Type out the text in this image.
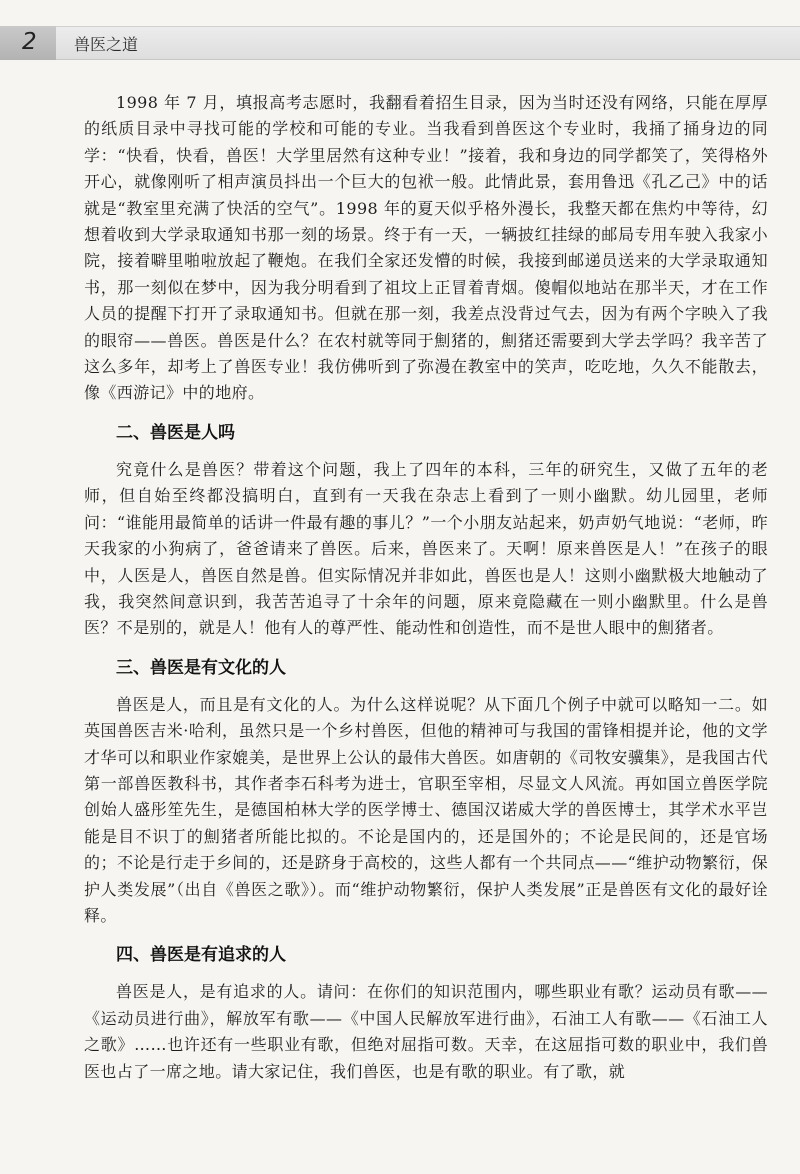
2 兽医之道

1998 年 7 月，填报高考志愿时，我翻看着招生目录，因为当时还没有网络，只能在厚厚的纸质目录中寻找可能的学校和可能的专业。当我看到兽医这个专业时，我捅了捅身边的同学：“快看，快看，兽医！大学里居然有这种专业！”接着，我和身边的同学都笑了，笑得格外开心，就像刚听了相声演员抖出一个巨大的包袱一般。此情此景，套用鲁迅《孔乙己》中的话就是“教室里充满了快活的空气”。1998 年的夏天似乎格外漫长，我整天都在焦灼中等待，幻想着收到大学录取通知书那一刻的场景。终于有一天，一辆披红挂绿的邮局专用车驶入我家小院，接着噼里啪啦放起了鞭炮。在我们全家还发懵的时候，我接到邮递员送来的大学录取通知书，那一刻似在梦中，因为我分明看到了祖坟上正冒着青烟。傻帽似地站在那半天，才在工作人员的提醒下打开了录取通知书。但就在那一刻，我差点没背过气去，因为有两个字映入了我的眼帘——兽医。兽医是什么？在农村就等同于劁猪的，劁猪还需要到大学去学吗？我辛苦了这么多年，却考上了兽医专业！我仿佛听到了弥漫在教室中的笑声，吃吃地，久久不能散去，像《西游记》中的地府。

二、兽医是人吗

究竟什么是兽医？带着这个问题，我上了四年的本科，三年的研究生，又做了五年的老师，但自始至终都没搞明白，直到有一天我在杂志上看到了一则小幽默。幼儿园里，老师问：“谁能用最简单的话讲一件最有趣的事儿？”一个小朋友站起来，奶声奶气地说：“老师，昨天我家的小狗病了，爸爸请来了兽医。后来，兽医来了。天啊！原来兽医是人！”在孩子的眼中，人医是人，兽医自然是兽。但实际情况并非如此，兽医也是人！这则小幽默极大地触动了我，我突然间意识到，我苦苦追寻了十余年的问题，原来竟隐藏在一则小幽默里。什么是兽医？不是别的，就是人！他有人的尊严性、能动性和创造性，而不是世人眼中的劁猪者。

三、兽医是有文化的人

兽医是人，而且是有文化的人。为什么这样说呢？从下面几个例子中就可以略知一二。如英国兽医吉米·哈利，虽然只是一个乡村兽医，但他的精神可与我国的雷锋相提并论，他的文学才华可以和职业作家媲美，是世界上公认的最伟大兽医。如唐朝的《司牧安骥集》，是我国古代第一部兽医教科书，其作者李石科考为进士，官职至宰相，尽显文人风流。再如国立兽医学院创始人盛彤笙先生，是德国柏林大学的医学博士、德国汉诺威大学的兽医博士，其学术水平岂能是目不识丁的劁猪者所能比拟的。不论是国内的，还是国外的；不论是民间的，还是官场的；不论是行走于乡间的，还是跻身于高校的，这些人都有一个共同点——“维护动物繁衍，保护人类发展”（出自《兽医之歌》）。而“维护动物繁衍，保护人类发展”正是兽医有文化的最好诠释。

四、兽医是有追求的人

兽医是人，是有追求的人。请问：在你们的知识范围内，哪些职业有歌？运动员有歌——《运动员进行曲》，解放军有歌——《中国人民解放军进行曲》，石油工人有歌——《石油工人之歌》……也许还有一些职业有歌，但绝对屈指可数。天幸，在这屈指可数的职业中，我们兽医也占了一席之地。请大家记住，我们兽医，也是有歌的职业。有了歌，就
